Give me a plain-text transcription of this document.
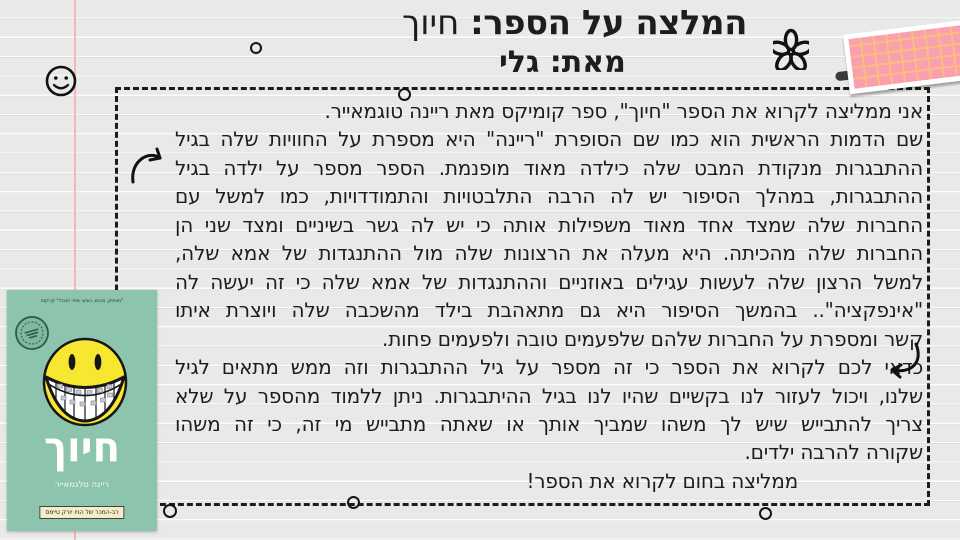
המלצה על הספר: חיוך
מאת: גלי
אני ממליצה לקרוא את הספר "חיוך", ספר קומיקס מאת ריינה טוגמאייר.
שם הדמות הראשית הוא כמו שם הסופרת "ריינה" היא מספרת על החוויות שלה בגיל
ההתבגרות מנקודת המבט שלה כילדה מאוד מופנמת. הספר מספר על ילדה בגיל
ההתבגרות, במהלך הסיפור יש לה הרבה התלבטויות והתמודדויות, כמו למשל עם
החברות שלה שמצד אחד מאוד משפילות אותה כי יש לה גשר בשיניים ומצד שני הן
החברות שלה מהכיתה. היא מעלה את הרצונות שלה מול ההתנגדות של אמא שלה,
למשל הרצון שלה לעשות עגילים באוזניים וההתנגדות של אמא שלה כי זה יעשה לה
"אינפקציה".. בהמשך הסיפור היא גם מתאהבת בילד מהשכבה שלה ויוצרת איתו
קשר ומספרת על החברות שלהם שלפעמים טובה ולפעמים פחות.
כדאי לכם לקרוא את הספר כי זה מספר על גיל ההתבגרות וזה ממש מתאים לגיל
שלנו, ויכול לעזור לנו בקשיים שהיו לנו בגיל ההיתבגרות. ניתן ללמוד מהספר על שלא
צריך להתבייש שיש לך משהו שמביך אותך או שאתה מתבייש מי זה, כי זה משהו
שקורה להרבה ילדים.
ממליצה בחום לקרוא את הספר!
"מצחיק, מרגש, כובש. ספר חובה!" קירקוס
חיוך
ריינה טלגמאייר
רב-המכר של הניו יורק טיימס
